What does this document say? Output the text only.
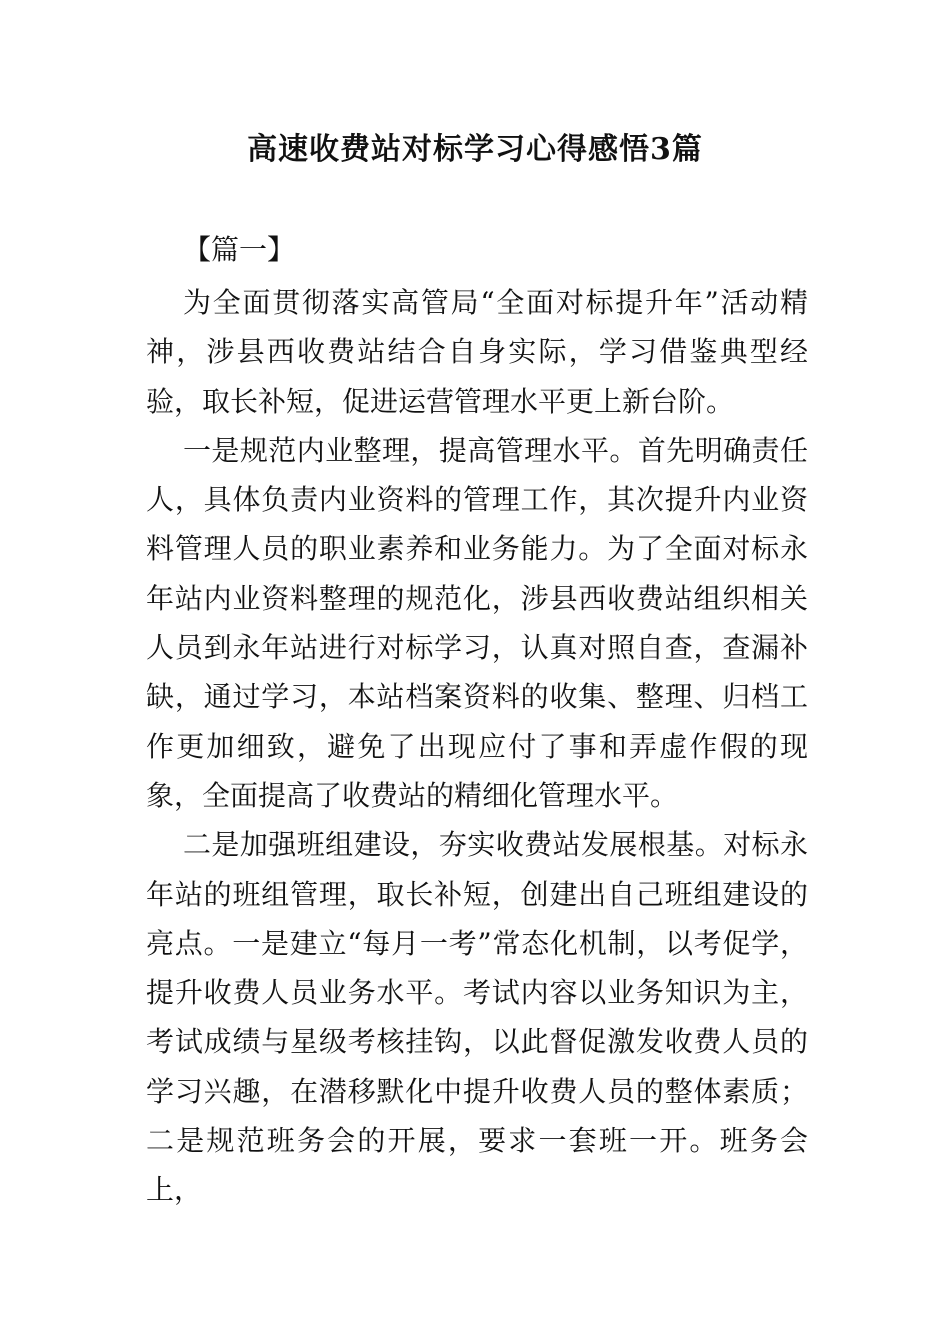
高速收费站对标学习心得感悟3篇
【篇一】

为全面贯彻落实高管局“全面对标提升年”活动精神，涉县西收费站结合自身实际，学习借鉴典型经验，取长补短，促进运营管理水平更上新台阶。

一是规范内业整理，提高管理水平。首先明确责任人，具体负责内业资料的管理工作，其次提升内业资料管理人员的职业素养和业务能力。为了全面对标永年站内业资料整理的规范化，涉县西收费站组织相关人员到永年站进行对标学习，认真对照自查，查漏补缺，通过学习，本站档案资料的收集、整理、归档工作更加细致，避免了出现应付了事和弄虚作假的现象，全面提高了收费站的精细化管理水平。

二是加强班组建设，夯实收费站发展根基。对标永年站的班组管理，取长补短，创建出自己班组建设的亮点。一是建立“每月一考”常态化机制，以考促学，提升收费人员业务水平。考试内容以业务知识为主，考试成绩与星级考核挂钩，以此督促激发收费人员的学习兴趣，在潜移默化中提升收费人员的整体素质；二是规范班务会的开展，要求一套班一开。班务会上，
